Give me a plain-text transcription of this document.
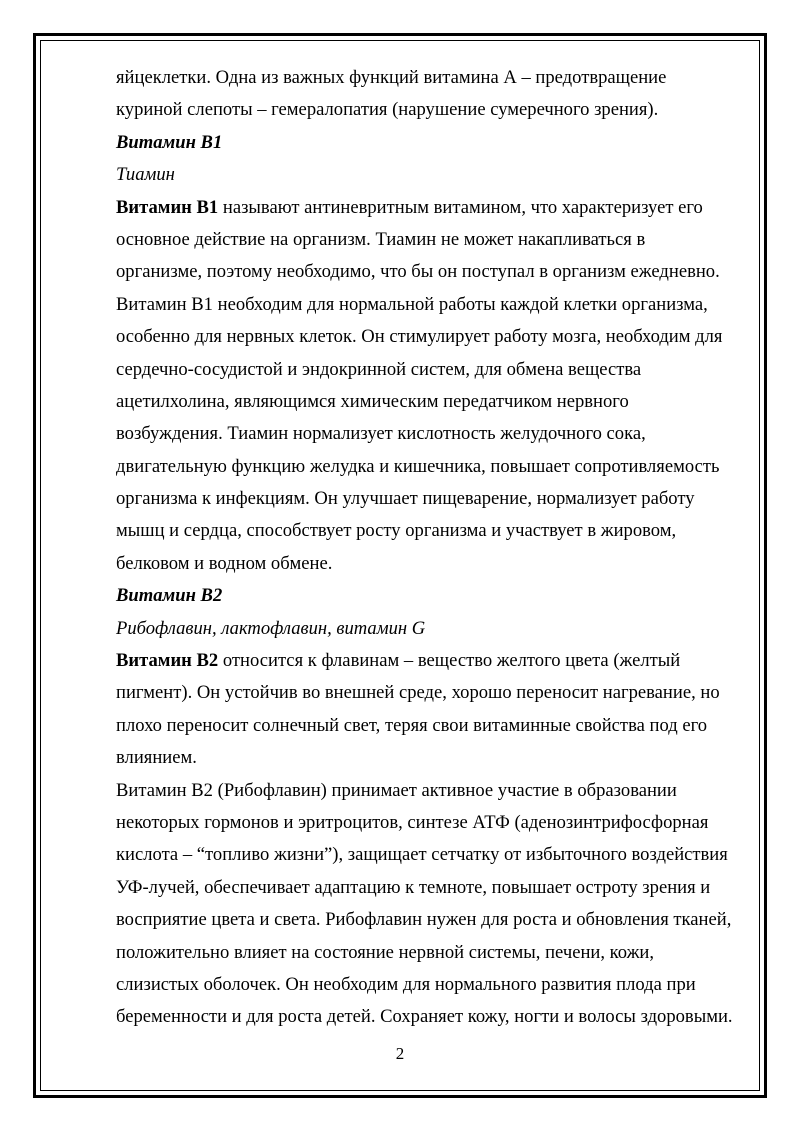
яйцеклетки. Одна из важных функций витамина А – предотвращение
куриной слепоты – гемералопатия (нарушение сумеречного зрения).
Витамин В1
Тиамин
Витамин В1 называют антиневритным витамином, что характеризует его
основное действие на организм. Тиамин не может накапливаться в
организме, поэтому необходимо, что бы он поступал в организм ежедневно.
Витамин В1 необходим для нормальной работы каждой клетки организма,
особенно для нервных клеток. Он стимулирует работу мозга, необходим для
сердечно-сосудистой и эндокринной систем, для обмена вещества
ацетилхолина, являющимся химическим передатчиком нервного
возбуждения. Тиамин нормализует кислотность желудочного сока,
двигательную функцию желудка и кишечника, повышает сопротивляемость
организма к инфекциям. Он улучшает пищеварение, нормализует работу
мышц и сердца, способствует росту организма и участвует в жировом,
белковом и водном обмене.
Витамин В2
Рибофлавин, лактофлавин, витамин G
Витамин В2 относится к флавинам – вещество желтого цвета (желтый
пигмент). Он устойчив во внешней среде, хорошо переносит нагревание, но
плохо переносит солнечный свет, теряя свои витаминные свойства под его
влиянием.
Витамин В2 (Рибофлавин) принимает активное участие в образовании
некоторых гормонов и эритроцитов, синтезе АТФ (аденозинтрифосфорная
кислота – “топливо жизни”), защищает сетчатку от избыточного воздействия
УФ-лучей, обеспечивает адаптацию к темноте, повышает остроту зрения и
восприятие цвета и света. Рибофлавин нужен для роста и обновления тканей,
положительно влияет на состояние нервной системы, печени, кожи,
слизистых оболочек. Он необходим для нормального развития плода при
беременности и для роста детей. Сохраняет кожу, ногти и волосы здоровыми.
2
